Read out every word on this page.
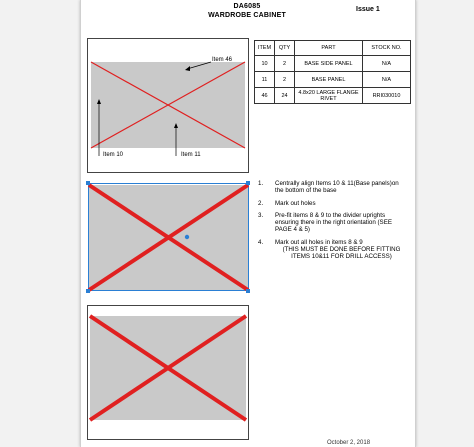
DA6085
WARDROBE CABINET
Issue 1
Item 46
Item 10	Item 11
ITEM	QTY	PART	STOCK NO.
10	2	BASE SIDE PANEL	N/A
11	2	BASE PANEL	N/A
46	24	4.8x20 LARGE FLANGE RIVET	RRI030010
1.	Centrally align Items 10 & 11(Base panels)on the bottom of the base
2.	Mark out holes
3.	Pre-fit items 8 & 9 to the divider uprights ensuring there in the right orientation (SEE PAGE 4 & 5)
4.	Mark out all holes in items 8 & 9
(THIS MUST BE DONE BEFORE FITTING ITEMS 10&11 FOR DRILL ACCESS)
October 2, 2018
